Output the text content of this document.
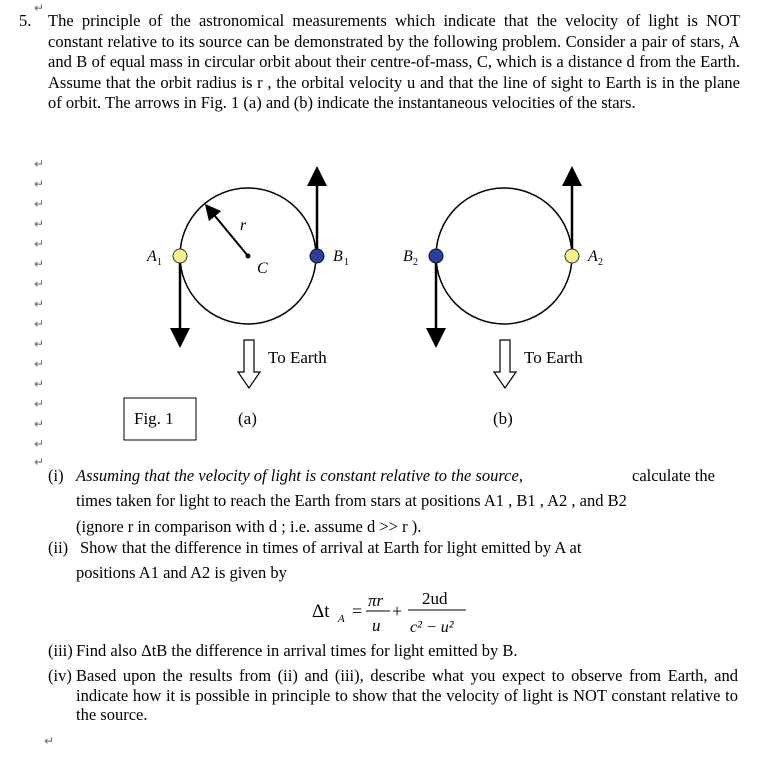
↵
↵
↵
↵
↵
↵
↵
↵
↵
↵
↵
↵
↵
↵
↵
↵
↵
5. The principle of the astronomical measurements which indicate that the velocity of light is NOT constant relative to its source can be demonstrated by the following problem. Consider a pair of stars, A and B of equal mass in circular orbit about their centre-of-mass, C, which is a distance d from the Earth. Assume that the orbit radius is r , the orbital velocity u and that the line of sight to Earth is in the plane of orbit. The arrows in Fig. 1 (a) and (b) indicate the instantaneous velocities of the stars.
r
C
A 1	B 1
To Earth
B 2	A 2
To Earth
Fig. 1	(a)	(b)
(i) Assuming that the velocity of light is constant relative to the source,	calculate the
times taken for light to reach the Earth from stars at positions A1 , B1 , A2 , and B2
(ignore r in comparison with d ; i.e. assume d >> r ).
(ii) Show that the difference in times of arrival at Earth for light emitted by A at
positions A1 and A2 is given by
Δt A =
πr
u
+
2ud
c² − u²
(iii) Find also ΔtB the difference in arrival times for light emitted by B.
(iv) Based upon the results from (ii) and (iii), describe what you expect to observe from Earth, and indicate how it is possible in principle to show that the velocity of light is NOT constant relative to the source.
↵
